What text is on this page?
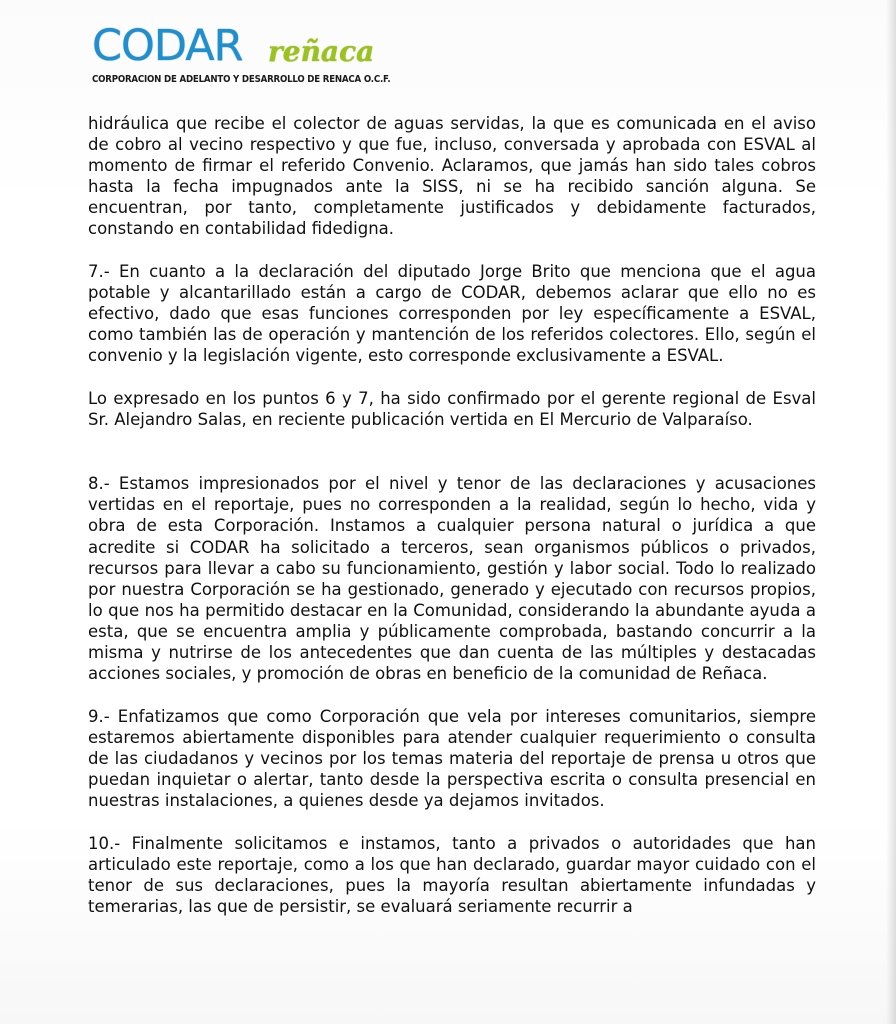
CODAR reñaca
CORPORACION DE ADELANTO Y DESARROLLO DE RENACA O.C.F.

hidráulica que recibe el colector de aguas servidas, la que es comunicada en el aviso de cobro al vecino respectivo y que fue, incluso, conversada y aprobada con ESVAL al momento de firmar el referido Convenio. Aclaramos, que jamás han sido tales cobros hasta la fecha impugnados ante la SISS, ni se ha recibido sanción alguna. Se encuentran, por tanto, completamente justificados y debidamente facturados, constando en contabilidad fidedigna.

7.- En cuanto a la declaración del diputado Jorge Brito que menciona que el agua potable y alcantarillado están a cargo de CODAR, debemos aclarar que ello no es efectivo, dado que esas funciones corresponden por ley específicamente a ESVAL, como también las de operación y mantención de los referidos colectores. Ello, según el convenio y la legislación vigente, esto corresponde exclusivamente a ESVAL.

Lo expresado en los puntos 6 y 7, ha sido confirmado por el gerente regional de Esval Sr. Alejandro Salas, en reciente publicación vertida en El Mercurio de Valparaíso.

8.- Estamos impresionados por el nivel y tenor de las declaraciones y acusaciones vertidas en el reportaje, pues no corresponden a la realidad, según lo hecho, vida y obra de esta Corporación. Instamos a cualquier persona natural o jurídica a que acredite si CODAR ha solicitado a terceros, sean organismos públicos o privados, recursos para llevar a cabo su funcionamiento, gestión y labor social. Todo lo realizado por nuestra Corporación se ha gestionado, generado y ejecutado con recursos propios, lo que nos ha permitido destacar en la Comunidad, considerando la abundante ayuda a esta, que se encuentra amplia y públicamente comprobada, bastando concurrir a la misma y nutrirse de los antecedentes que dan cuenta de las múltiples y destacadas acciones sociales, y promoción de obras en beneficio de la comunidad de Reñaca.

9.- Enfatizamos que como Corporación que vela por intereses comunitarios, siempre estaremos abiertamente disponibles para atender cualquier requerimiento o consulta de las ciudadanos y vecinos por los temas materia del reportaje de prensa u otros que puedan inquietar o alertar, tanto desde la perspectiva escrita o consulta presencial en nuestras instalaciones, a quienes desde ya dejamos invitados.

10.- Finalmente solicitamos e instamos, tanto a privados o autoridades que han articulado este reportaje, como a los que han declarado, guardar mayor cuidado con el tenor de sus declaraciones, pues la mayoría resultan abiertamente infundadas y temerarias, las que de persistir, se evaluará seriamente recurrir a
